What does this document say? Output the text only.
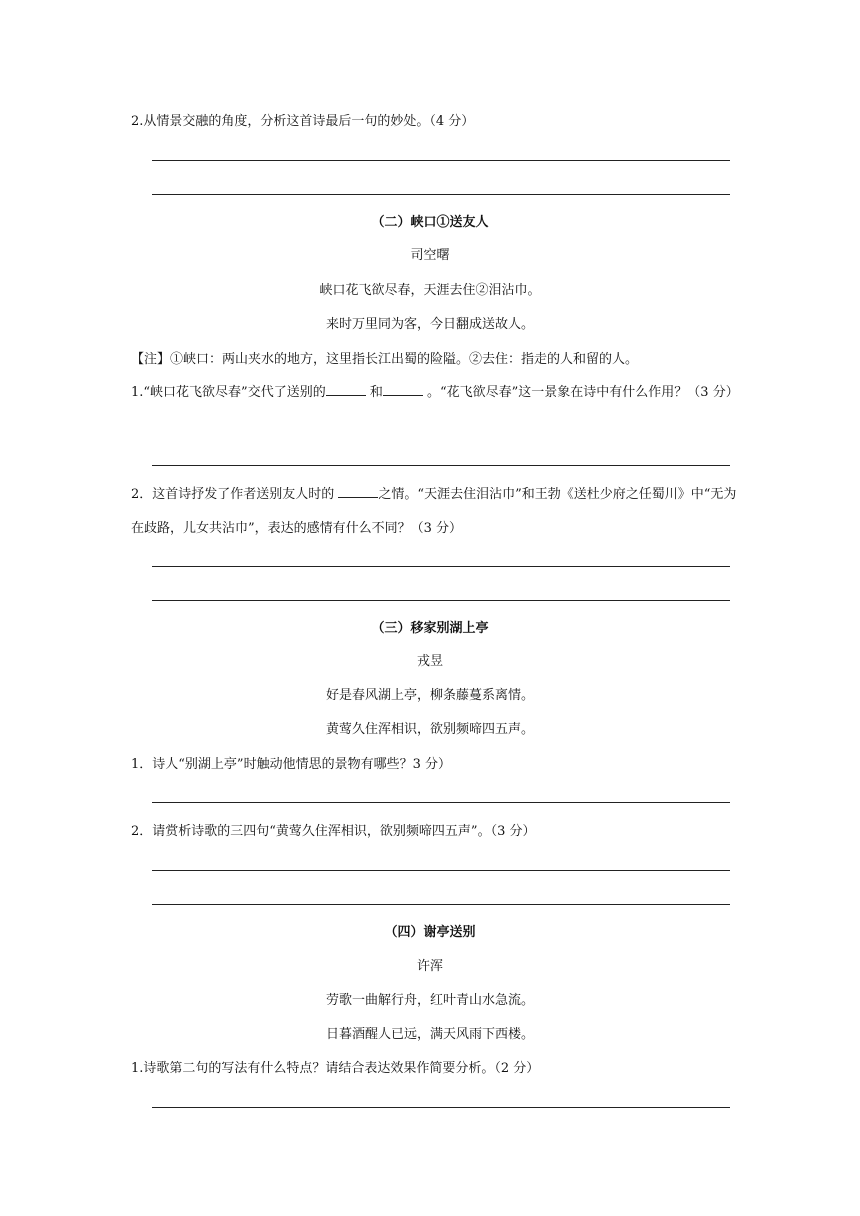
2.从情景交融的角度，分析这首诗最后一句的妙处。（4 分）
（二）峡口①送友人
司空曙
峡口花飞欲尽春，天涯去住②泪沾巾。
来时万里同为客，今日翻成送故人。
【注】①峡口：两山夹水的地方，这里指长江出蜀的险隘。②去住：指走的人和留的人。
1.“峡口花飞欲尽春”交代了送别的	和	。“花飞欲尽春”这一景象在诗中有什么作用？（3 分）
2．这首诗抒发了作者送别友人时的	之情。“天涯去住泪沾巾”和王勃《送杜少府之任蜀川》中“无为在歧路，儿女共沾巾”，表达的感情有什么不同？（3 分）
（三）移家别湖上亭
戎昱
好是春风湖上亭，柳条藤蔓系离情。
黄莺久住浑相识，欲别频啼四五声。
1．诗人“别湖上亭”时触动他情思的景物有哪些？3 分）
2．请赏析诗歌的三四句“黄莺久住浑相识，欲别频啼四五声”。（3 分）
（四）谢亭送别
许浑
劳歌一曲解行舟，红叶青山水急流。
日暮酒醒人已远，满天风雨下西楼。
1.诗歌第二句的写法有什么特点？请结合表达效果作简要分析。（2 分）
